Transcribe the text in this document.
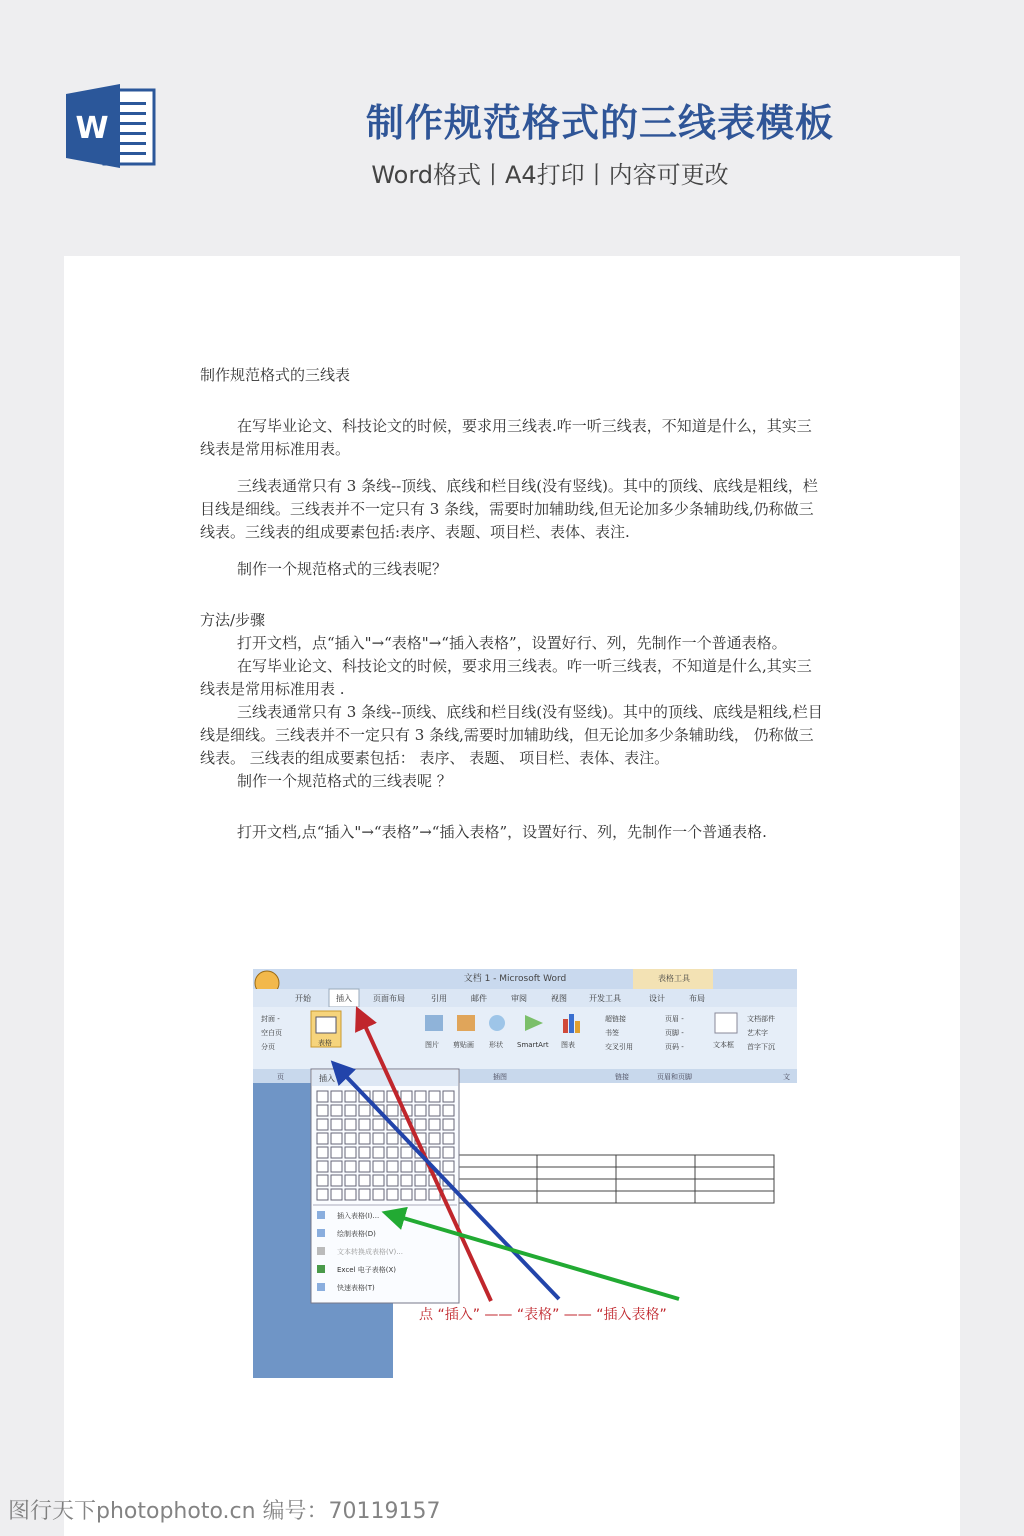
W	制作规范格式的三线表模板
Word格式丨A4打印丨内容可更改

制作规范格式的三线表

在写毕业论文、科技论文的时候，要求用三线表.咋一听三线表，不知道是什么，其实三线表是常用标准用表。

三线表通常只有 3 条线--顶线、底线和栏目线(没有竖线)。其中的顶线、底线是粗线，栏目线是细线。三线表并不一定只有 3 条线，需要时加辅助线,但无论加多少条辅助线,仍称做三线表。三线表的组成要素包括:表序、表题、项目栏、表体、表注.

制作一个规范格式的三线表呢？

方法/步骤

打开文档，点“插入"→“表格"→“插入表格”，设置好行、列，先制作一个普通表格。

在写毕业论文、科技论文的时候，要求用三线表。咋一听三线表，不知道是什么,其实三线表是常用标准用表 .

三线表通常只有 3 条线--顶线、底线和栏目线(没有竖线)。其中的顶线、底线是粗线,栏目线是细线。三线表并不一定只有 3 条线,需要时加辅助线，但无论加多少条辅助线， 仍称做三线表。 三线表的组成要素包括： 表序、 表题、 项目栏、表体、表注。

制作一个规范格式的三线表呢 ？

打开文档,点“插入"→“表格”→“插入表格”，设置好行、列，先制作一个普通表格.

文档 1 - Microsoft Word	表格工具
开始	插入	页面布局	引用	邮件	审阅	视图	开发工具	设计	布局
封面 -
空白页
分页	表格	图片 剪贴画 形状 SmartArt 图表
超链接
书签
交叉引用
页眉 -
页脚 -
页码 -	文本框
文档部件
艺术字
首字下沉
页	插图	链接	页眉和页脚	文
插入
插入表格(I)...
绘制表格(D)
文本转换成表格(V)...
Excel 电子表格(X)
快速表格(T)
点 “插入” —— “表格” —— “插入表格”
图行天下photophoto.cn 编号：70119157
